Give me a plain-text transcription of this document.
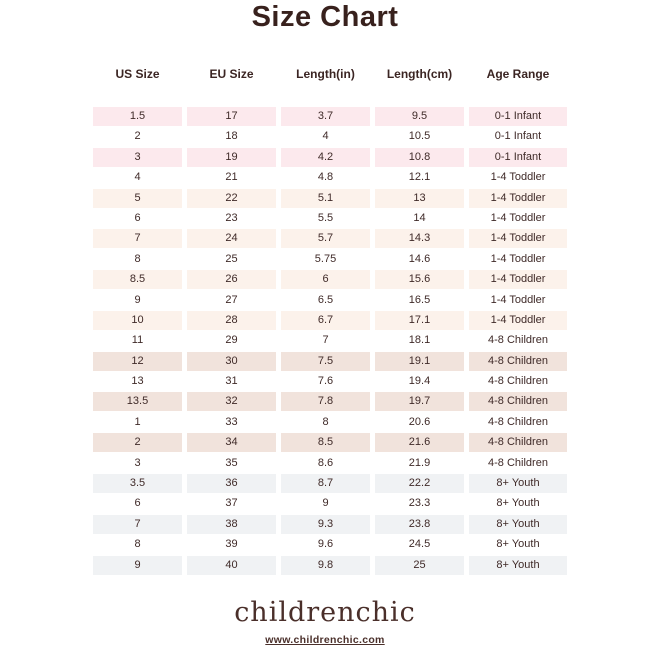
Size Chart
US Size	EU Size	Length(in)	Length(cm)	Age Range
1.5	17	3.7	9.5	0-1 Infant
2	18	4	10.5	0-1 Infant
3	19	4.2	10.8	0-1 Infant
4	21	4.8	12.1	1-4 Toddler
5	22	5.1	13	1-4 Toddler
6	23	5.5	14	1-4 Toddler
7	24	5.7	14.3	1-4 Toddler
8	25	5.75	14.6	1-4 Toddler
8.5	26	6	15.6	1-4 Toddler
9	27	6.5	16.5	1-4 Toddler
10	28	6.7	17.1	1-4 Toddler
11	29	7	18.1	4-8 Children
12	30	7.5	19.1	4-8 Children
13	31	7.6	19.4	4-8 Children
13.5	32	7.8	19.7	4-8 Children
1	33	8	20.6	4-8 Children
2	34	8.5	21.6	4-8 Children
3	35	8.6	21.9	4-8 Children
3.5	36	8.7	22.2	8+ Youth
6	37	9	23.3	8+ Youth
7	38	9.3	23.8	8+ Youth
8	39	9.6	24.5	8+ Youth
9	40	9.8	25	8+ Youth
childrenchic
www.childrenchic.com
